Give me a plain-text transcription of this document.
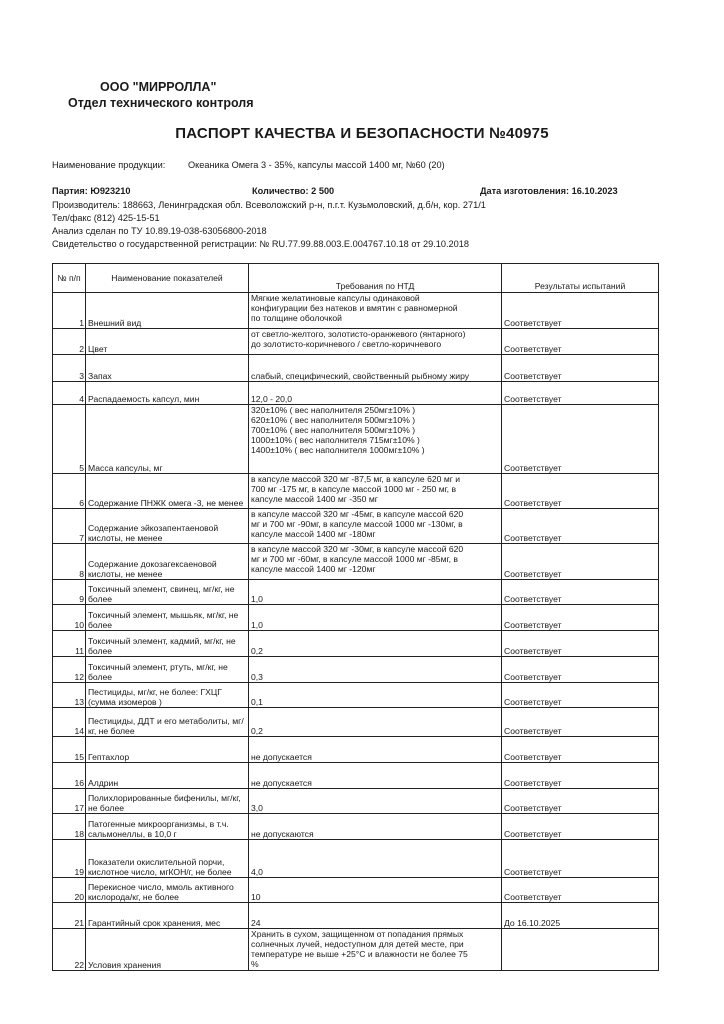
ООО "МИРРОЛЛА"
Отдел технического контроля
ПАСПОРТ КАЧЕСТВА И БЕЗОПАСНОСТИ №40975
Наименование продукции: Океаника Омега 3 - 35%, капсулы массой 1400 мг, №60 (20)
Партия: Ю923210	Количество: 2 500	Дата изготовления: 16.10.2023
Производитель: 188663, Ленинградская обл. Всеволожский р-н, п.г.т. Кузьмоловский, д.б/н, кор. 271/1
Тел/факс (812) 425-15-51
Анализ сделан по ТУ 10.89.19-038-63056800-2018
Свидетельство о государственной регистрации: № RU.77.99.88.003.Е.004767.10.18 от 29.10.2018
№ п/п	Наименование показателей	Требования по НТД	Результаты испытаний
1	Внешний вид	Мягкие желатиновые капсулы одинаковой
конфигурации без натеков и вмятин с равномерной
по толщине оболочкой	Соответствует
2	Цвет	от светло-желтого, золотисто-оранжевого (янтарного)
до золотисто-коричневого / светло-коричневого	Соответствует
3	Запах	слабый, специфический, свойственный рыбному жиру	Соответствует
4	Распадаемость капсул, мин	12,0 - 20,0	Соответствует
5	Масса капсулы, мг	320±10% ( вес наполнителя 250мг±10% )
620±10% ( вес наполнителя 500мг±10% )
700±10% ( вес наполнителя 500мг±10% )
1000±10% ( вес наполнителя 715мг±10% )
1400±10% ( вес наполнителя 1000мг±10% )	Соответствует
6	Содержание ПНЖК омега -3, не менее	в капсуле массой 320 мг -87,5 мг, в капсуле 620 мг и
700 мг -175 мг, в капсуле массой 1000 мг - 250 мг, в
капсуле массой 1400 мг -350 мг	Соответствует
7	Содержание эйкозапентаеновой кислоты, не менее	в капсуле массой 320 мг -45мг, в капсуле массой 620
мг и 700 мг -90мг, в капсуле массой 1000 мг -130мг, в
капсуле массой 1400 мг -180мг	Соответствует
8	Содержание докозагексаеновой кислоты, не менее	в капсуле массой 320 мг -30мг, в капсуле массой 620
мг и 700 мг -60мг, в капсуле массой 1000 мг -85мг, в
капсуле массой 1400 мг -120мг	Соответствует
9	Токсичный элемент, свинец, мг/кг, не более	1,0	Соответствует
10	Токсичный элемент, мышьяк, мг/кг, не более	1,0	Соответствует
11	Токсичный элемент, кадмий, мг/кг, не более	0,2	Соответствует
12	Токсичный элемент, ртуть, мг/кг, не более	0,3	Соответствует
13	Пестициды, мг/кг, не более: ГХЦГ (сумма изомеров )	0,1	Соответствует
14	Пестициды, ДДТ и его метаболиты, мг/кг, не более	0,2	Соответствует
15	Гептахлор	не допускается	Соответствует
16	Алдрин	не допускается	Соответствует
17	Полихлорированные бифенилы, мг/кг, не более	3,0	Соответствует
18	Патогенные микроорганизмы, в т.ч. сальмонеллы, в 10,0 г	не допускаются	Соответствует
19	Показатели окислительной порчи, кислотное число, мгКОН/г, не более	4,0	Соответствует
20	Перекисное число, ммоль активного кислорода/кг, не более	10	Соответствует
21	Гарантийный срок хранения, мес	24	До 16.10.2025
22	Условия хранения	Хранить в сухом, защищенном от попадания прямых
солнечных лучей, недоступном для детей месте, при
температуре не выше +25°С и влажности не более 75
%	
